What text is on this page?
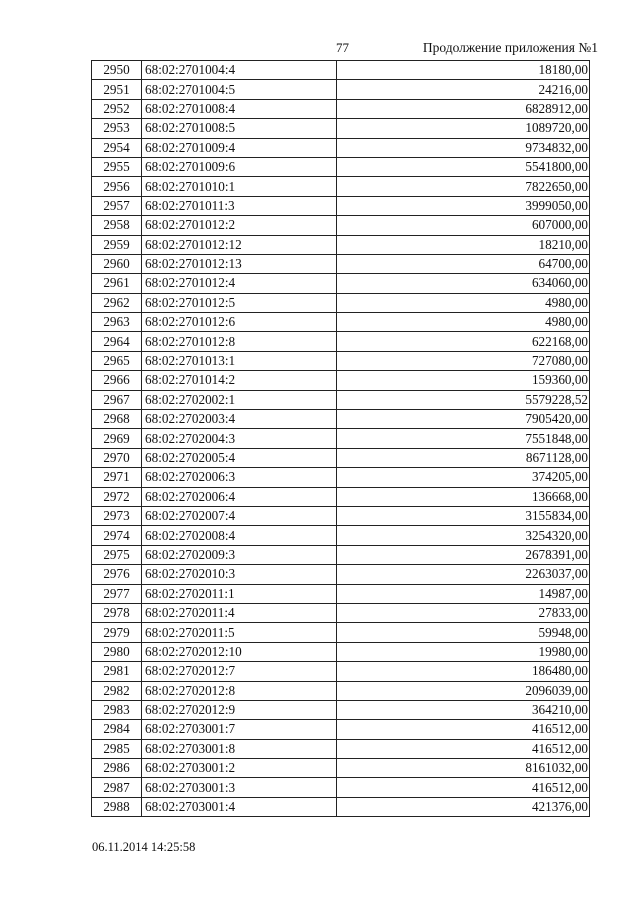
77	Продолжение приложения №1
2950	68:02:2701004:4	18180,00
2951	68:02:2701004:5	24216,00
2952	68:02:2701008:4	6828912,00
2953	68:02:2701008:5	1089720,00
2954	68:02:2701009:4	9734832,00
2955	68:02:2701009:6	5541800,00
2956	68:02:2701010:1	7822650,00
2957	68:02:2701011:3	3999050,00
2958	68:02:2701012:2	607000,00
2959	68:02:2701012:12	18210,00
2960	68:02:2701012:13	64700,00
2961	68:02:2701012:4	634060,00
2962	68:02:2701012:5	4980,00
2963	68:02:2701012:6	4980,00
2964	68:02:2701012:8	622168,00
2965	68:02:2701013:1	727080,00
2966	68:02:2701014:2	159360,00
2967	68:02:2702002:1	5579228,52
2968	68:02:2702003:4	7905420,00
2969	68:02:2702004:3	7551848,00
2970	68:02:2702005:4	8671128,00
2971	68:02:2702006:3	374205,00
2972	68:02:2702006:4	136668,00
2973	68:02:2702007:4	3155834,00
2974	68:02:2702008:4	3254320,00
2975	68:02:2702009:3	2678391,00
2976	68:02:2702010:3	2263037,00
2977	68:02:2702011:1	14987,00
2978	68:02:2702011:4	27833,00
2979	68:02:2702011:5	59948,00
2980	68:02:2702012:10	19980,00
2981	68:02:2702012:7	186480,00
2982	68:02:2702012:8	2096039,00
2983	68:02:2702012:9	364210,00
2984	68:02:2703001:7	416512,00
2985	68:02:2703001:8	416512,00
2986	68:02:2703001:2	8161032,00
2987	68:02:2703001:3	416512,00
2988	68:02:2703001:4	421376,00
06.11.2014 14:25:58
